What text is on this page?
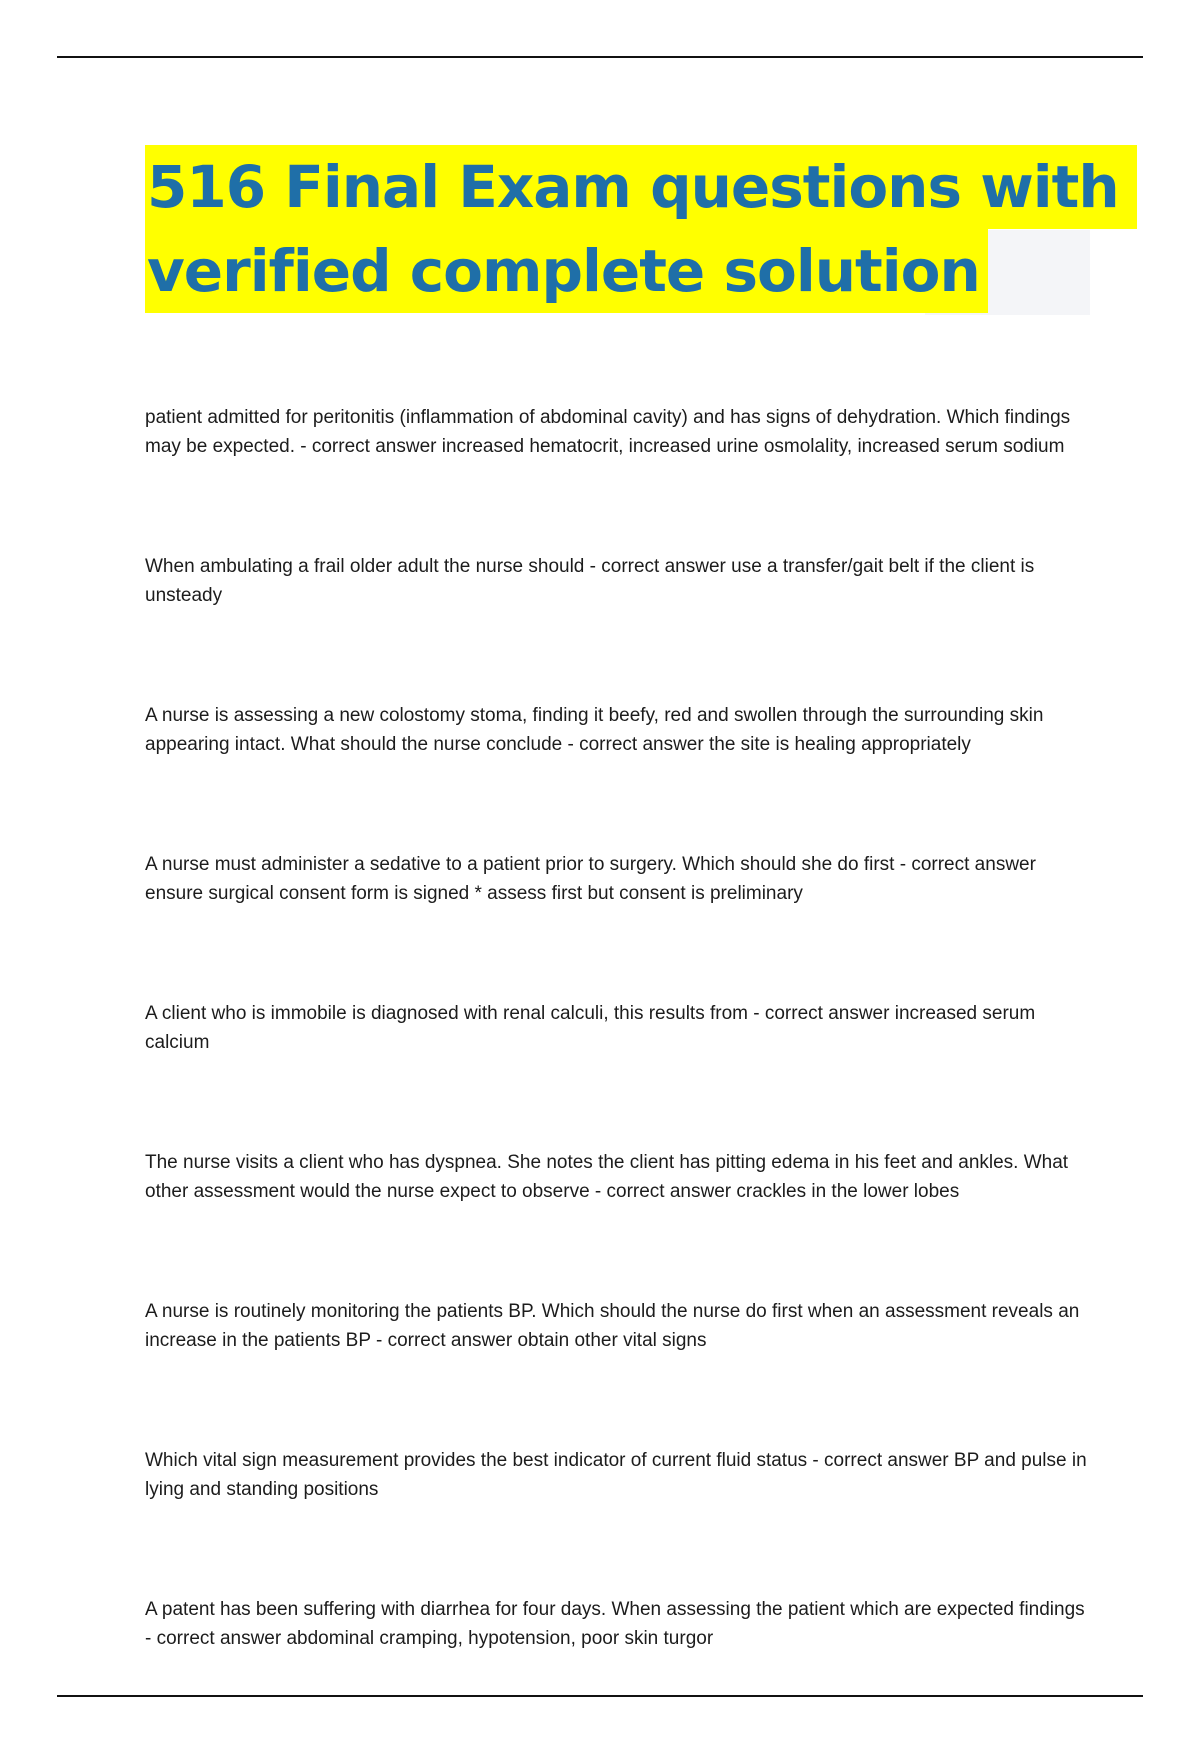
516 Final Exam questions with
verified complete solution

patient admitted for peritonitis (inflammation of abdominal cavity) and has signs of dehydration. Which findings may be expected. - correct answer increased hematocrit, increased urine osmolality, increased serum sodium

When ambulating a frail older adult the nurse should - correct answer use a transfer/gait belt if the client is unsteady

A nurse is assessing a new colostomy stoma, finding it beefy, red and swollen through the surrounding skin appearing intact. What should the nurse conclude - correct answer the site is healing appropriately

A nurse must administer a sedative to a patient prior to surgery. Which should she do first - correct answer ensure surgical consent form is signed * assess first but consent is preliminary

A client who is immobile is diagnosed with renal calculi, this results from - correct answer increased serum calcium

The nurse visits a client who has dyspnea. She notes the client has pitting edema in his feet and ankles. What other assessment would the nurse expect to observe - correct answer crackles in the lower lobes

A nurse is routinely monitoring the patients BP. Which should the nurse do first when an assessment reveals an increase in the patients BP - correct answer obtain other vital signs

Which vital sign measurement provides the best indicator of current fluid status - correct answer BP and pulse in lying and standing positions

A patent has been suffering with diarrhea for four days. When assessing the patient which are expected findings - correct answer abdominal cramping, hypotension, poor skin turgor
